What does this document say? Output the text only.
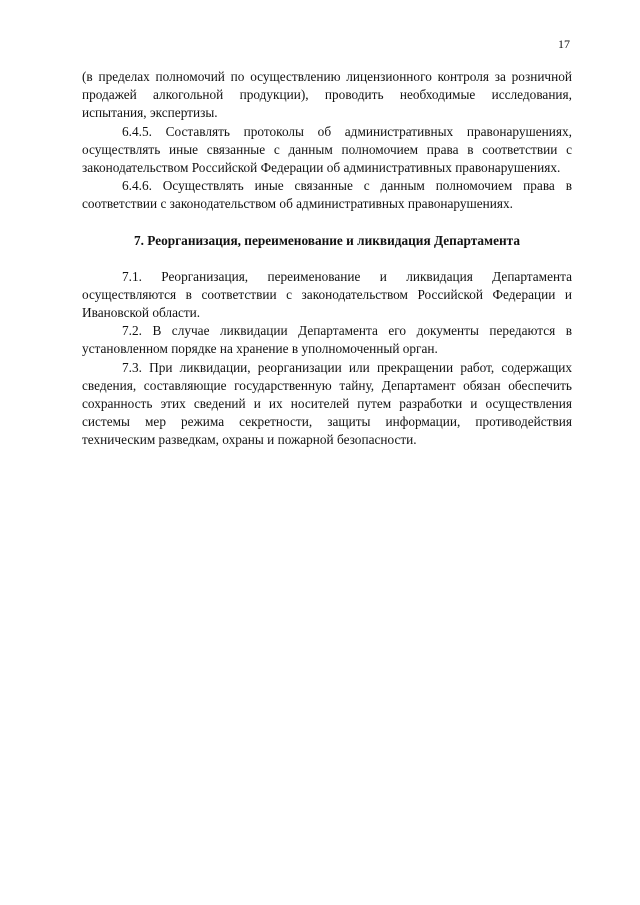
17

(в пределах полномочий по осуществлению лицензионного контроля за розничной продажей алкогольной продукции), проводить необходимые исследования, испытания, экспертизы.

6.4.5. Составлять протоколы об административных правонарушениях, осуществлять иные связанные с данным полномочием права в соответствии с законодательством Российской Федерации об административных правонарушениях.

6.4.6. Осуществлять иные связанные с данным полномочием права в соответствии с законодательством об административных правонарушениях.

7. Реорганизация, переименование и ликвидация Департамента

7.1. Реорганизация, переименование и ликвидация Департамента осуществляются в соответствии с законодательством Российской Федерации и Ивановской области.

7.2. В случае ликвидации Департамента его документы передаются в установленном порядке на хранение в уполномоченный орган.

7.3. При ликвидации, реорганизации или прекращении работ, содержащих сведения, составляющие государственную тайну, Департамент обязан обеспечить сохранность этих сведений и их носителей путем разработки и осуществления системы мер режима секретности, защиты информации, противодействия техническим разведкам, охраны и пожарной безопасности.
